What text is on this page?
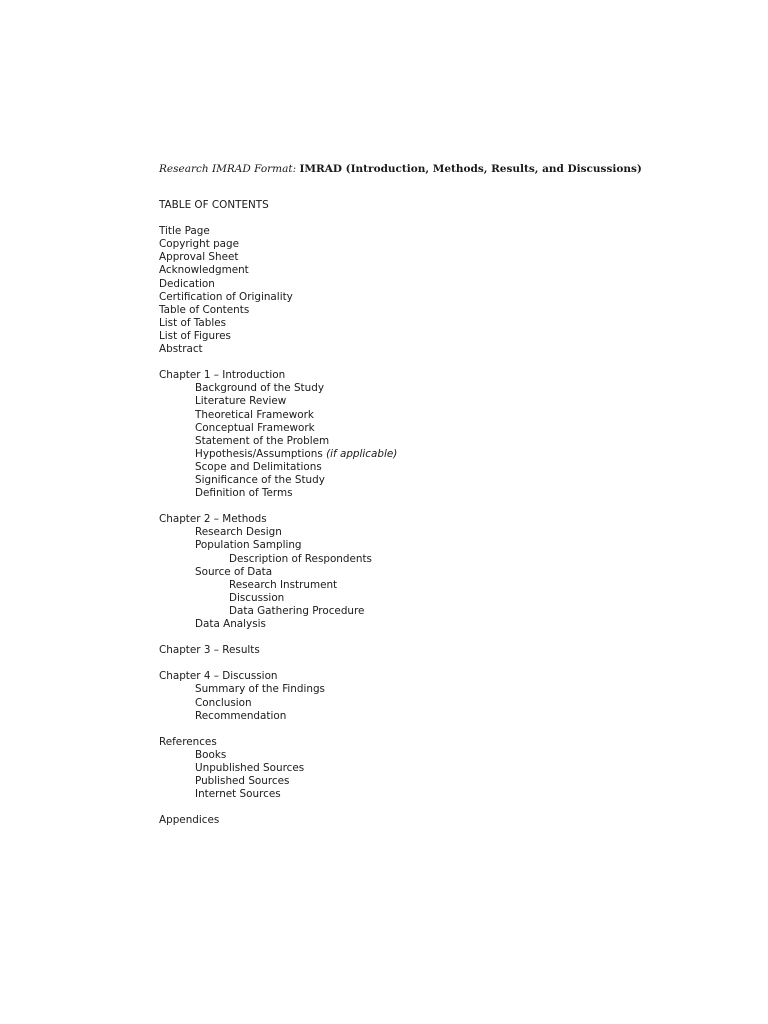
Research IMRAD Format: IMRAD (Introduction, Methods, Results, and Discussions)
TABLE OF CONTENTS
Title Page
Copyright page
Approval Sheet
Acknowledgment
Dedication
Certification of Originality
Table of Contents
List of Tables
List of Figures
Abstract
Chapter 1 – Introduction
Background of the Study
Literature Review
Theoretical Framework
Conceptual Framework
Statement of the Problem
Hypothesis/Assumptions (if applicable)
Scope and Delimitations
Significance of the Study
Definition of Terms
Chapter 2 – Methods
Research Design
Population Sampling
Description of Respondents
Source of Data
Research Instrument
Discussion
Data Gathering Procedure
Data Analysis
Chapter 3 – Results
Chapter 4 – Discussion
Summary of the Findings
Conclusion
Recommendation
References
Books
Unpublished Sources
Published Sources
Internet Sources
Appendices
